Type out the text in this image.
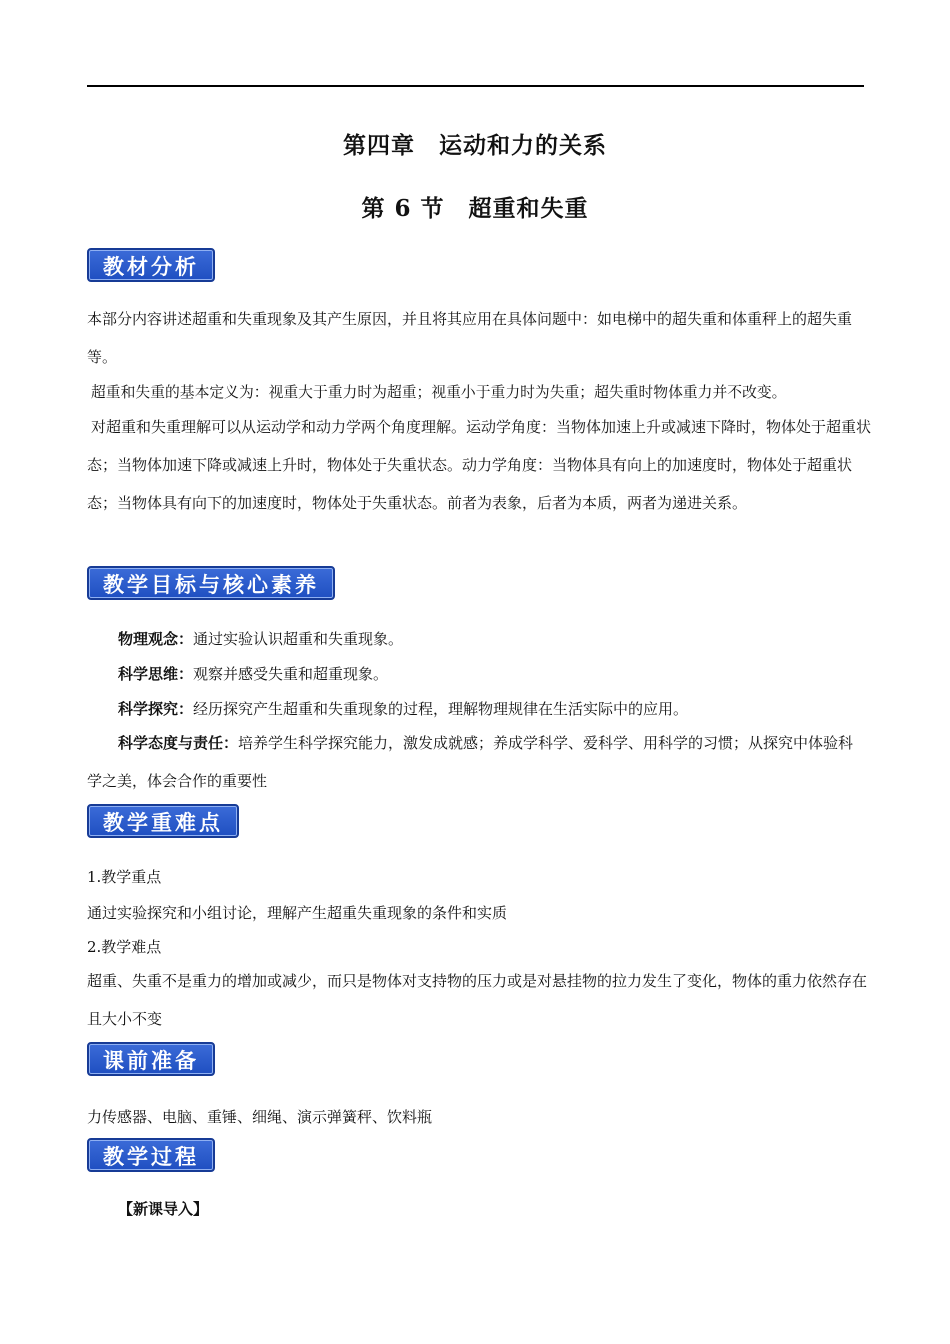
第四章　运动和力的关系
第 6 节　超重和失重
教材分析

本部分内容讲述超重和失重现象及其产生原因，并且将其应用在具体问题中：如电梯中的超失重和体重秤上的超失重等。

超重和失重的基本定义为：视重大于重力时为超重；视重小于重力时为失重；超失重时物体重力并不改变。

对超重和失重理解可以从运动学和动力学两个角度理解。运动学角度：当物体加速上升或减速下降时，物体处于超重状态；当物体加速下降或减速上升时，物体处于失重状态。动力学角度：当物体具有向上的加速度时，物体处于超重状态；当物体具有向下的加速度时，物体处于失重状态。前者为表象，后者为本质，两者为递进关系。

教学目标与核心素养
物理观念：通过实验认识超重和失重现象。
科学思维：观察并感受失重和超重现象。
科学探究：经历探究产生超重和失重现象的过程，理解物理规律在生活实际中的应用。

科学态度与责任：培养学生科学探究能力，激发成就感；养成学科学、爱科学、用科学的习惯；从探究中体验科学之美，体会合作的重要性

教学重难点
1.教学重点
通过实验探究和小组讨论，理解产生超重失重现象的条件和实质
2.教学难点

超重、失重不是重力的增加或减少，而只是物体对支持物的压力或是对悬挂物的拉力发生了变化，物体的重力依然存在且大小不变

课前准备
力传感器、电脑、重锤、细绳、演示弹簧秤、饮料瓶
教学过程
【新课导入】
